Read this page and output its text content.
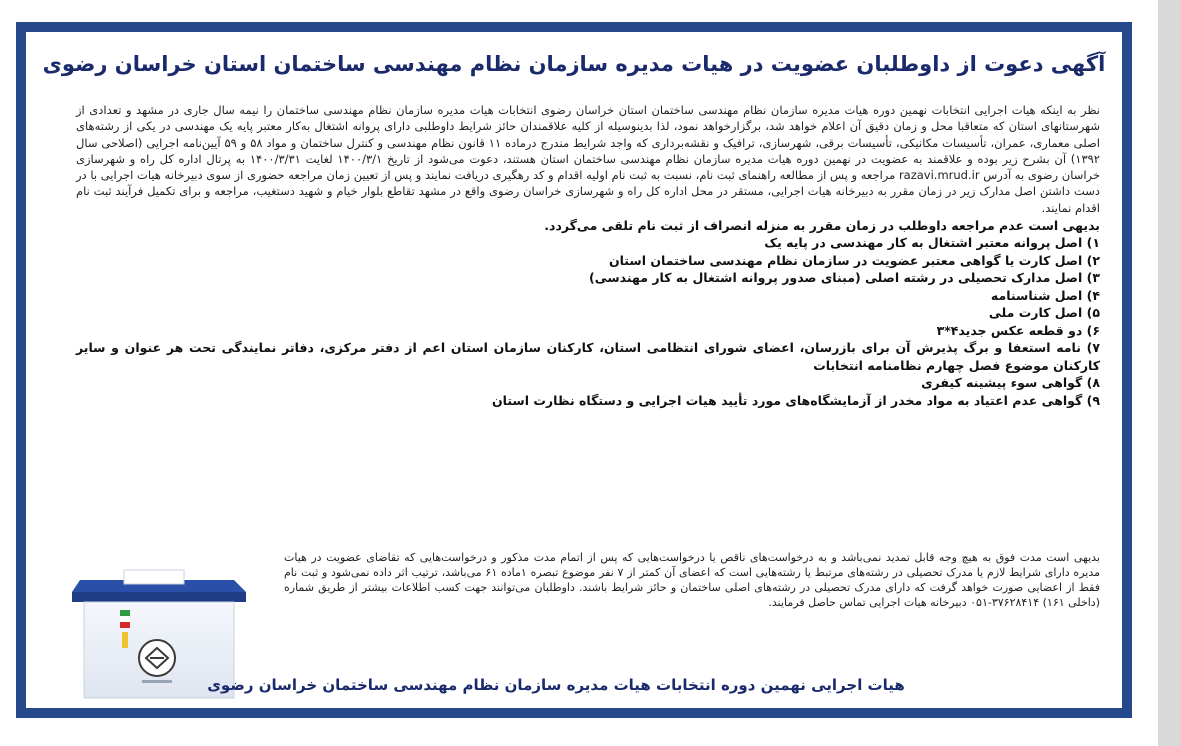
آگهی دعوت از داوطلبان عضویت در هیات مدیره سازمان نظام مهندسی ساختمان استان خراسان رضوی

نظر به اینکه هیات اجرایی انتخابات نهمین دوره هیات مدیره سازمان نظام مهندسی ساختمان استان خراسان رضوی انتخابات هیات مدیره سازمان نظام مهندسی ساختمان را نیمه سال جاری در مشهد و تعدادی از شهرستانهای استان که متعاقبا محل و زمان دقیق آن اعلام خواهد شد، برگزارخواهد نمود، لذا بدینوسیله از کلیه علاقمندان حائز شرایط داوطلبی دارای پروانه اشتغال به‌کار معتبر پایه یک مهندسی در یکی از رشته‌های اصلی معماری، عمران، تأسیسات مکانیکی، تأسیسات برقی، شهرسازی، ترافیک و نقشه‌برداری که واجد شرایط مندرج درماده ۱۱ قانون نظام مهندسی و کنترل ساختمان و مواد ۵۸ و ۵۹ آیین‌نامه اجرایی (اصلاحی سال ۱۳۹۲) آن بشرح زیر بوده و علاقمند به عضویت در نهمین دوره هیات مدیره سازمان نظام مهندسی ساختمان استان هستند، دعوت می‌شود از تاریخ ۱۴۰۰/۳/۱ لغایت ۱۴۰۰/۳/۳۱ به پرتال اداره کل راه و شهرسازی خراسان رضوی به آدرس razavi.mrud.ir مراجعه و پس از مطالعه راهنمای ثبت نام، نسبت به ثبت نام اولیه اقدام و کد رهگیری دریافت نمایند و پس از تعیین زمان مراجعه حضوری از سوی دبیرخانه هیات اجرایی با در دست داشتن اصل مدارک زیر در زمان مقرر به دبیرخانه هیات اجرایی، مستقر در محل اداره کل راه و شهرسازی خراسان رضوی واقع در مشهد تقاطع بلوار خیام و شهید دستغیب، مراجعه و برای تکمیل فرآیند ثبت نام اقدام نمایند.

بدیهی است عدم مراجعه داوطلب در زمان مقرر به منزله انصراف از ثبت نام تلقی می‌گردد.

۱) اصل پروانه معتبر اشتغال به کار مهندسی در پایه یک
۲) اصل کارت یا گواهی معتبر عضویت در سازمان نظام مهندسی ساختمان استان
۳) اصل مدارک تحصیلی در رشته اصلی (مبنای صدور پروانه اشتغال به کار مهندسی)
۴) اصل شناسنامه
۵) اصل کارت ملی
۶) دو قطعه عکس جدید۴*۳
۷) نامه استعفا و برگ پذیرش آن برای بازرسان، اعضای شورای انتظامی استان، کارکنان سازمان استان اعم از دفتر مرکزی، دفاتر نمایندگی تحت هر عنوان و سایر کارکنان موضوع فصل چهارم نظامنامه انتخابات
۸) گواهی سوء پیشینه کیفری
۹) گواهی عدم اعتیاد به مواد مخدر از آزمایشگاه‌های مورد تأیید هیات اجرایی و دستگاه نظارت استان
بدیهی است مدت فوق به هیچ وجه قابل تمدید نمی‌باشد و به درخواست‌های ناقص یا درخواست‌هایی که پس از اتمام مدت مذکور و درخواست‌هایی که تقاضای عضویت در هیات مدیره دارای شرایط لازم یا مدرک تحصیلی در رشته‌های مرتبط یا رشته‌هایی است که اعضای آن کمتر از ۷ نفر موضوع تبصره ۱ماده ۶۱ می‌باشد، ترتیب اثر داده نمی‌شود و ثبت نام فقط از اعضایی صورت خواهد گرفت که دارای مدرک تحصیلی در رشته‌های اصلی ساختمان و حائز شرایط باشند. داوطلبان می‌توانند جهت کسب اطلاعات بیشتر از طریق شماره (داخلی ۱۶۱) ۳۷۶۲۸۴۱۴-۰۵۱ دبیرخانه هیات اجرایی تماس حاصل فرمایند.
هیات اجرایی نهمین دوره انتخابات هیات مدیره سازمان نظام مهندسی ساختمان خراسان رضوی
